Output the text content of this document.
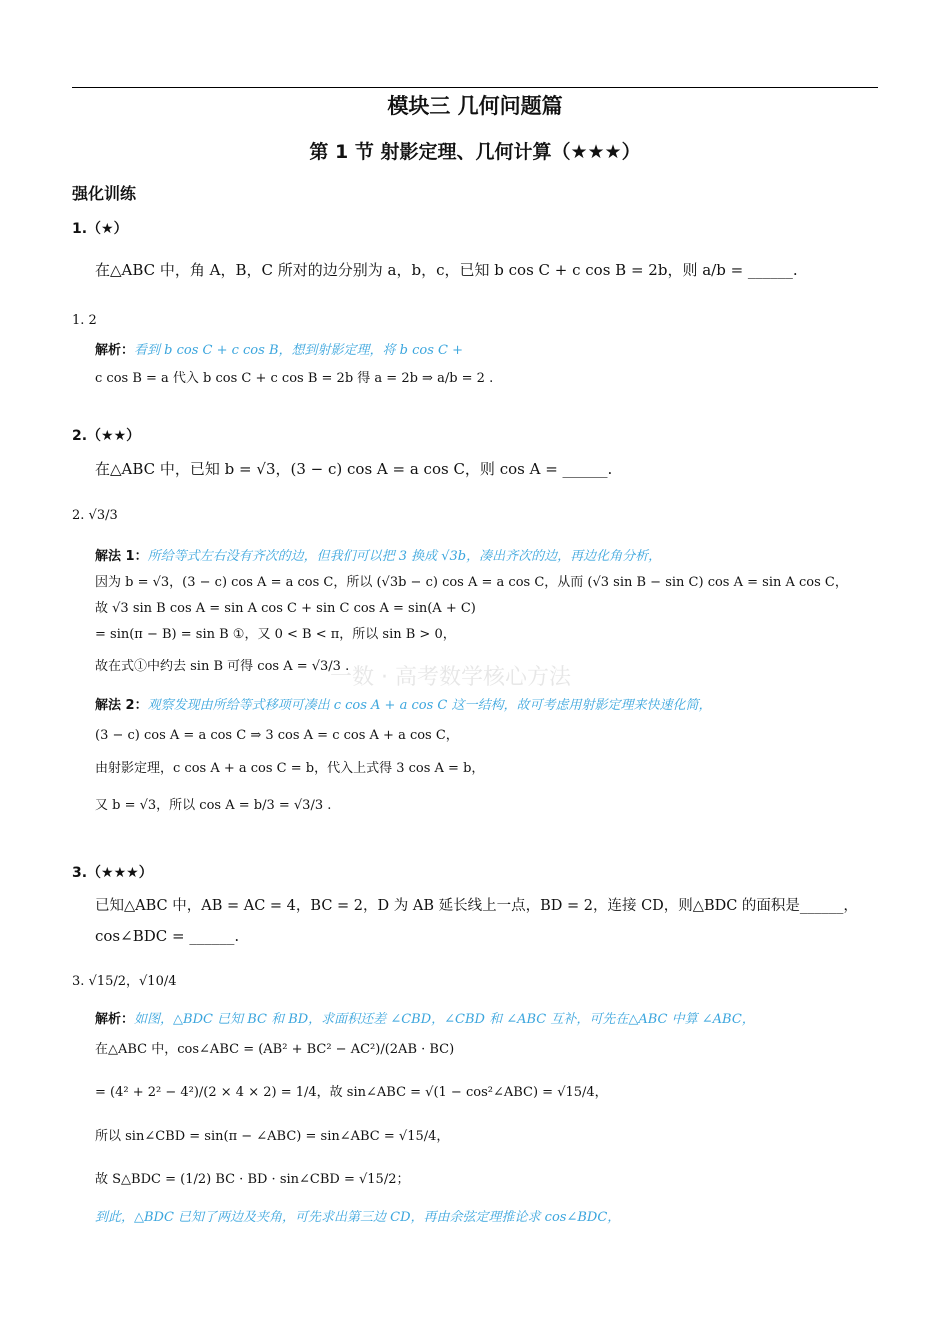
模块三 几何问题篇
第 1 节 射影定理、几何计算（★★★）
强化训练
1.（★）
在△ABC 中，角 A，B，C 所对的边分别为 a，b，c，已知 b cos C + c cos B = 2b，则 a/b = ______.
1. 2
解析：看到 b cos C + c cos B，想到射影定理，将 b cos C +
c cos B = a 代入 b cos C + c cos B = 2b 得 a = 2b ⇒ a/b = 2 .
2.（★★）
在△ABC 中，已知 b = √3，(3 − c) cos A = a cos C，则 cos A = ______.
2. √3/3
解法 1：所给等式左右没有齐次的边，但我们可以把 3 换成 √3b，凑出齐次的边，再边化角分析，
因为 b = √3，(3 − c) cos A = a cos C，所以 (√3b − c) cos A = a cos C，从而 (√3 sin B − sin C) cos A = sin A cos C，
故 √3 sin B cos A = sin A cos C + sin C cos A = sin(A + C)
= sin(π − B) = sin B ①，又 0 < B < π，所以 sin B > 0，
故在式①中约去 sin B 可得 cos A = √3/3 .
一数 · 高考数学核心方法
解法 2：观察发现由所给等式移项可凑出 c cos A + a cos C 这一结构，故可考虑用射影定理来快速化简，
(3 − c) cos A = a cos C ⇒ 3 cos A = c cos A + a cos C，
由射影定理，c cos A + a cos C = b，代入上式得 3 cos A = b，
又 b = √3，所以 cos A = b/3 = √3/3 .
3.（★★★）
已知△ABC 中，AB = AC = 4，BC = 2，D 为 AB 延长线上一点，BD = 2，连接 CD，则△BDC 的面积是______，
cos∠BDC = ______.
3. √15/2，√10/4
解析：如图，△BDC 已知 BC 和 BD，求面积还差 ∠CBD，∠CBD 和 ∠ABC 互补，可先在△ABC 中算 ∠ABC，
在△ABC 中，cos∠ABC = (AB² + BC² − AC²)/(2AB · BC)
= (4² + 2² − 4²)/(2 × 4 × 2) = 1/4，故 sin∠ABC = √(1 − cos²∠ABC) = √15/4，
所以 sin∠CBD = sin(π − ∠ABC) = sin∠ABC = √15/4，
故 S△BDC = (1/2) BC · BD · sin∠CBD = √15/2；
到此，△BDC 已知了两边及夹角，可先求出第三边 CD，再由余弦定理推论求 cos∠BDC，
